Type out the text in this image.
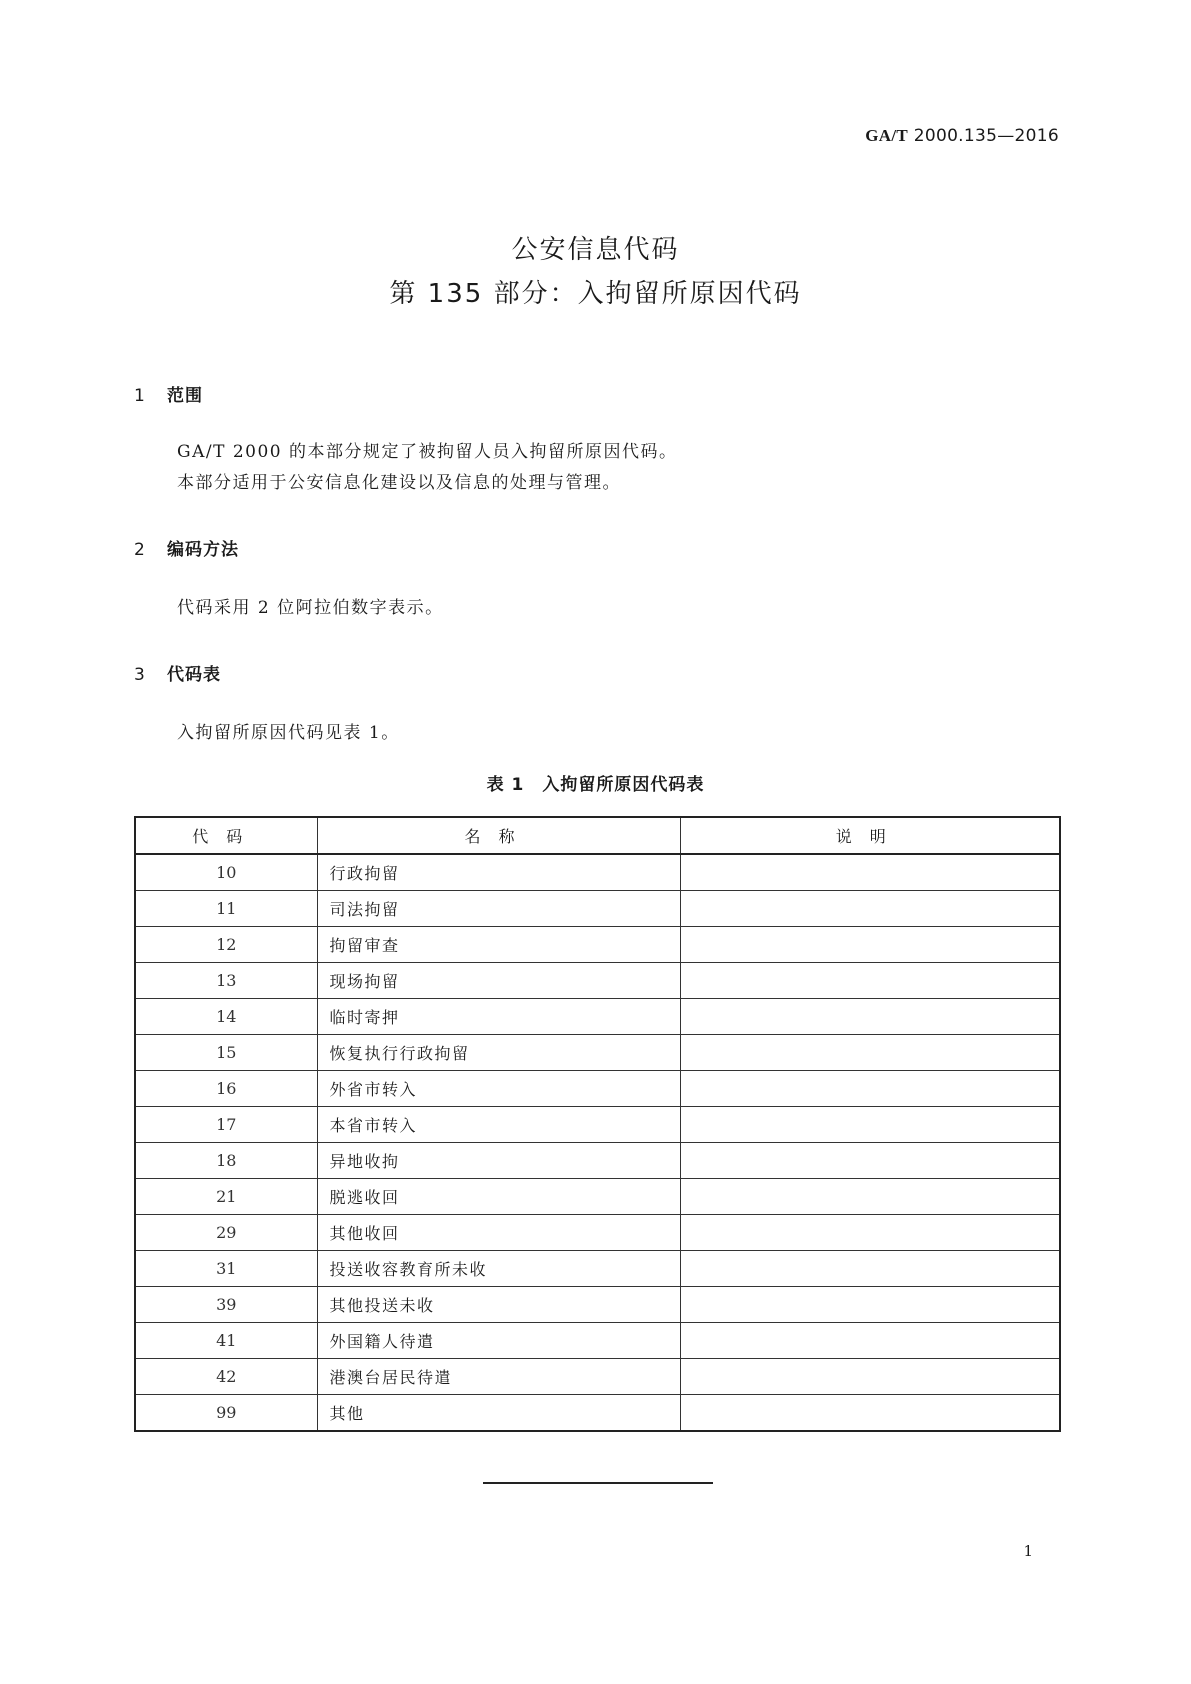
GA/T 2000.135—2016
公安信息代码
第 135 部分：入拘留所原因代码
1 范围
GA/T 2000 的本部分规定了被拘留人员入拘留所原因代码。
本部分适用于公安信息化建设以及信息的处理与管理。
2 编码方法
代码采用 2 位阿拉伯数字表示。
3 代码表
入拘留所原因代码见表 1。
表 1　入拘留所原因代码表
代码	名称	说明
10	行政拘留	
11	司法拘留	
12	拘留审查	
13	现场拘留	
14	临时寄押	
15	恢复执行行政拘留	
16	外省市转入	
17	本省市转入	
18	异地收拘	
21	脱逃收回	
29	其他收回	
31	投送收容教育所未收	
39	其他投送未收	
41	外国籍人待遣	
42	港澳台居民待遣	
99	其他	
1
